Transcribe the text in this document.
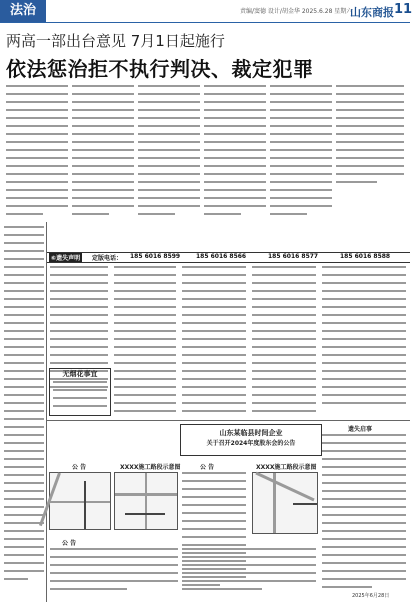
法治	责编/窦德 设计/胡金华 2025.6.28 星期六
山东商报 11
两高一部出台意见 7月1日起施行
依法惩治拒不执行判决、裁定犯罪
⑥遗失声明	定版电话： 185 6016 8599	185 6016 8566	185 6016 8577	185 6016 8588
无烟花事宜
山东某临县时间企业
关于召开2024年度股东会的公告
遗失启事
公 告	XXXX施工路段示意图	公 告	XXXX施工路段示意图
公 告
2025年6月28日
